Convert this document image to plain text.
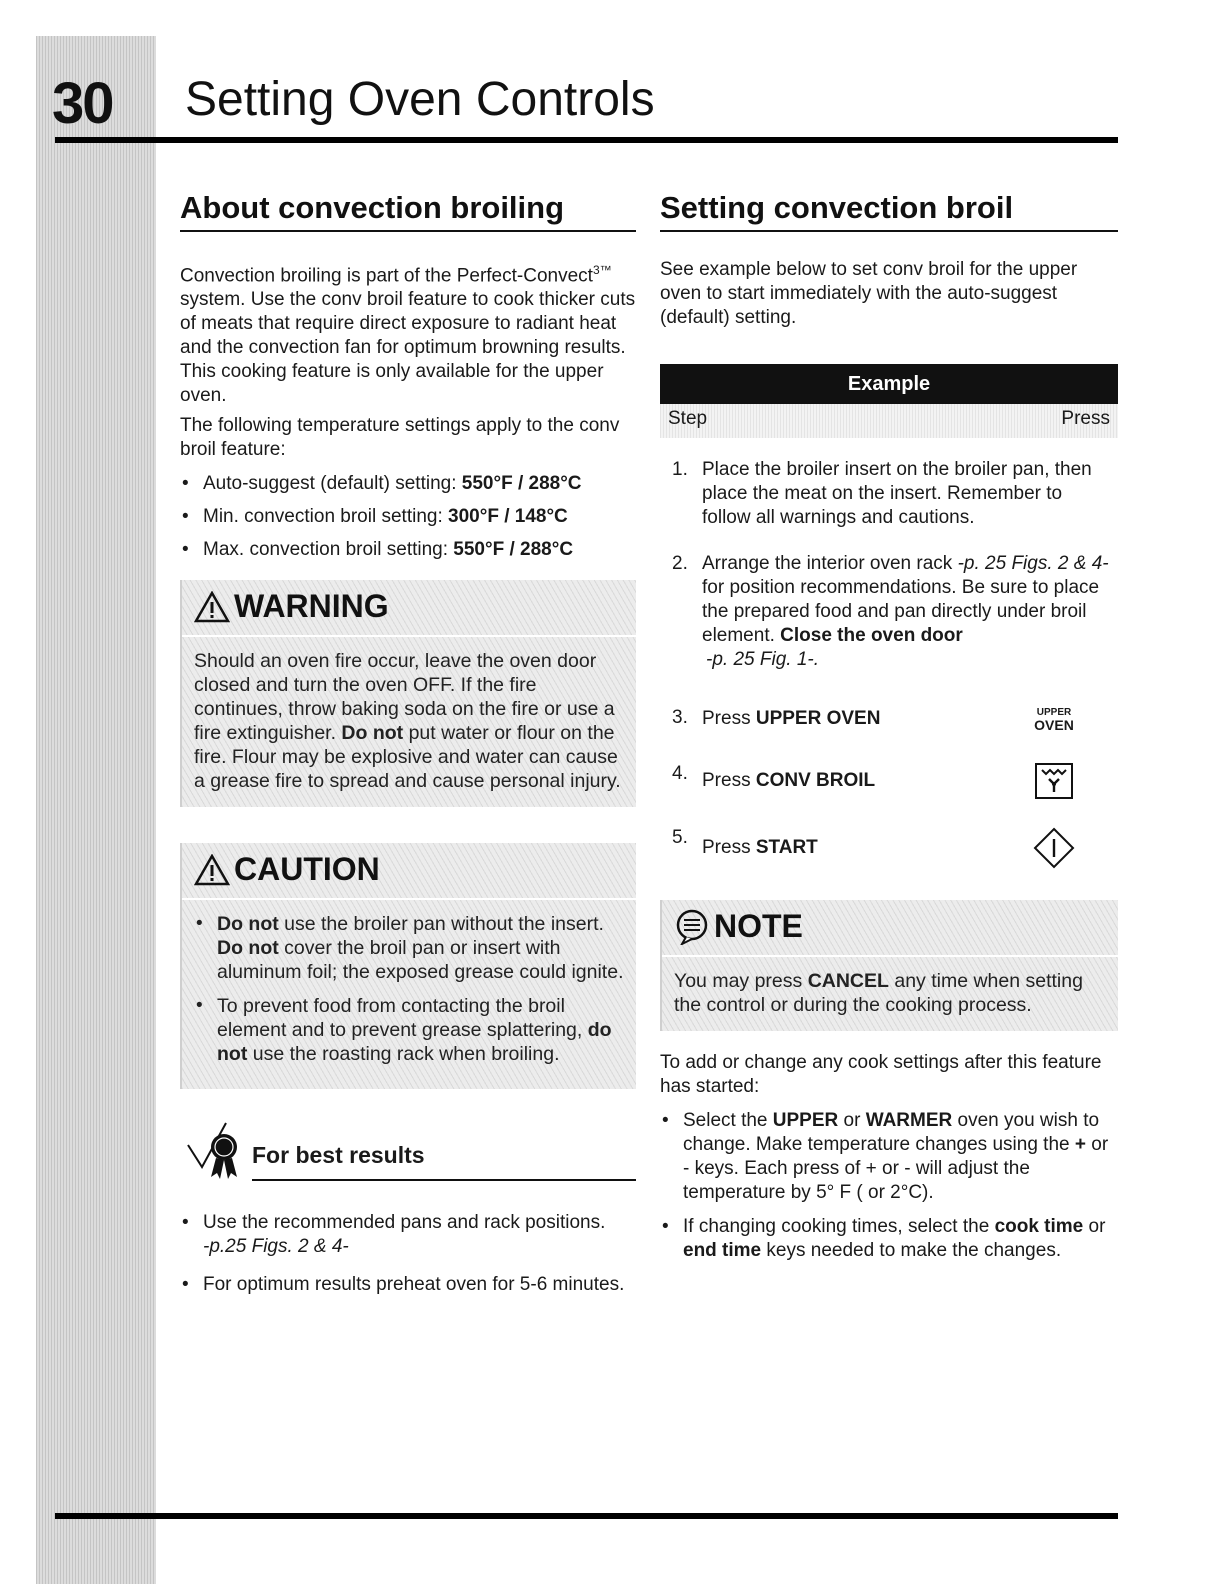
30 Setting Oven Controls
About convection broiling

Convection broiling is part of the Perfect-Convect$^{3™}$ system. Use the conv broil feature to cook thicker cuts of meats that require direct exposure to radiant heat and the convection fan for optimum browning results. This cooking feature is only available for the upper oven.

The following temperature settings apply to the conv broil feature:

• Auto-suggest (default) setting: 550°F / 288°C
• Min. convection broil setting: 300°F / 148°C
• Max. convection broil setting: 550°F / 288°C
WARNING

Should an oven fire occur, leave the oven door closed and turn the oven OFF. If the fire continues, throw baking soda on the fire or use a fire extinguisher. Do not put water or flour on the fire. Flour may be explosive and water can cause a grease fire to spread and cause personal injury.

CAUTION
• Do not use the broiler pan without the insert. Do not cover the broil pan or insert with aluminum foil; the exposed grease could ignite.
• To prevent food from contacting the broil element and to prevent grease splattering, do not use the roasting rack when broiling.
For best results
• Use the recommended pans and rack positions.
-p.25 Figs. 2 & 4-
• For optimum results preheat oven for 5-6 minutes.
Setting convection broil

See example below to set conv broil for the upper oven to start immediately with the auto-suggest (default) setting.

Example
Step	Press
1. Place the broiler insert on the broiler pan, then place the meat on the insert. Remember to follow all warnings and cautions.
2. Arrange the interior oven rack -p. 25 Figs. 2 & 4- for position recommendations. Be sure to place the prepared food and pan directly under broil element. Close the oven door
-p. 25 Fig. 1-.
3. Press UPPER OVEN	UPPER
OVEN
4. Press CONV BROIL
5. Press START
NOTE

You may press CANCEL any time when setting the control or during the cooking process.

To add or change any cook settings after this feature has started:

• Select the UPPER or WARMER oven you wish to change. Make temperature changes using the + or - keys. Each press of + or - will adjust the temperature by 5° F ( or 2°C).
• If changing cooking times, select the cook time or end time keys needed to make the changes.
